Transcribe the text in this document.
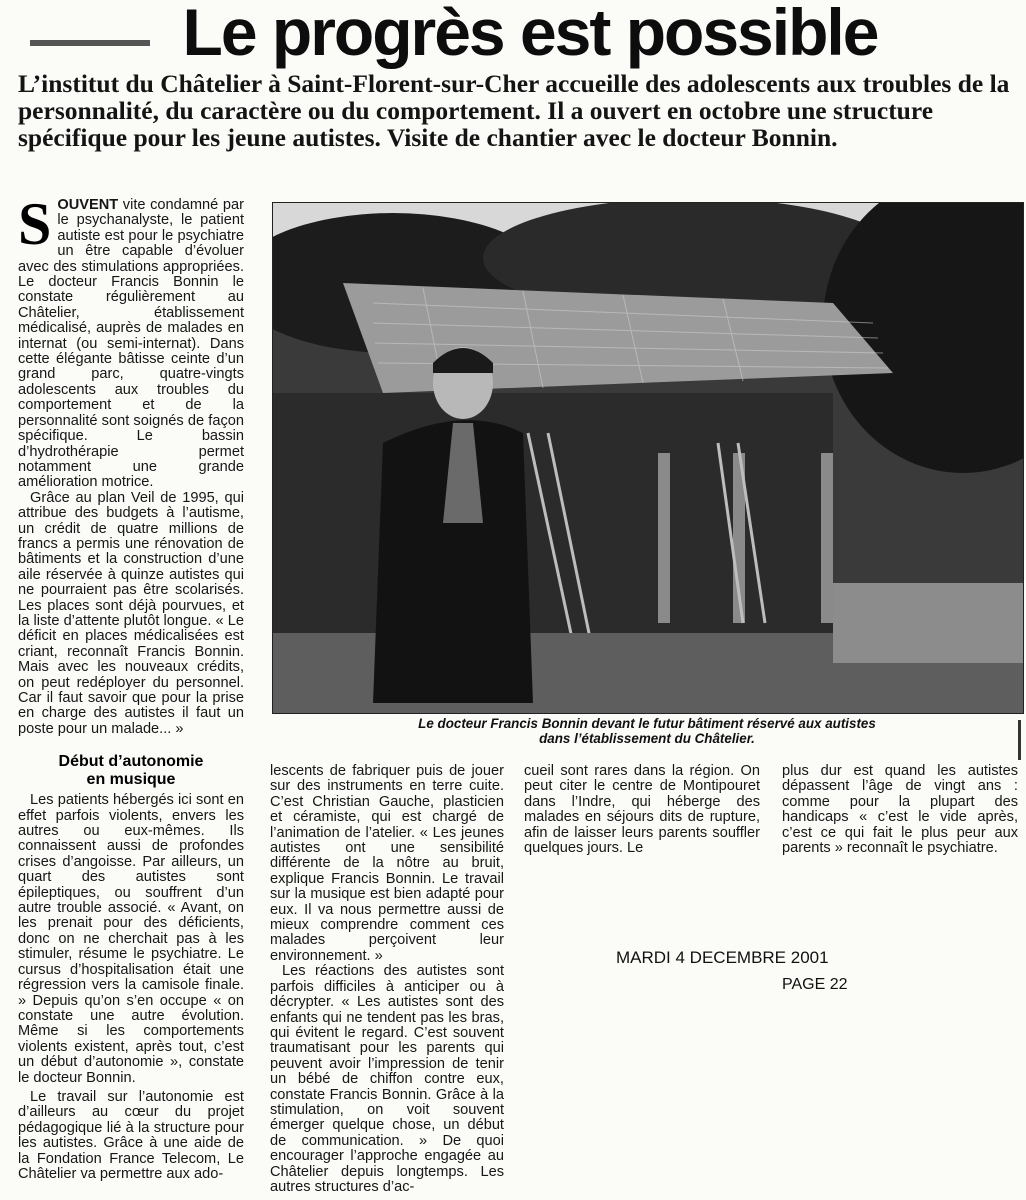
Le progrès est possible
L’institut du Châtelier à Saint-Florent-sur-Cher accueille des adolescents aux troubles de la personnalité, du caractère ou du comportement. Il a ouvert en octobre une structure spécifique pour les jeune autistes. Visite de chantier avec le docteur Bonnin.

SOUVENT vite condamné par le psychanalyste, le patient autiste est pour le psychiatre un être capable d’évoluer avec des stimulations appropriées. Le docteur Francis Bonnin le constate régulièrement au Châtelier, établissement médicalisé, auprès de malades en internat (ou semi-internat). Dans cette élégante bâtisse ceinte d’un grand parc, quatre-vingts adolescents aux troubles du comportement et de la personnalité sont soignés de façon spécifique. Le bassin d’hydrothérapie permet notamment une grande amélioration motrice.

Grâce au plan Veil de 1995, qui attribue des budgets à l’autisme, un crédit de quatre millions de francs a permis une rénovation de bâtiments et la construction d’une aile réservée à quinze autistes qui ne pourraient pas être scolarisés. Les places sont déjà pourvues, et la liste d’attente plutôt longue. « Le déficit en places médicalisées est criant, reconnaît Francis Bonnin. Mais avec les nouveaux crédits, on peut redéployer du personnel. Car il faut savoir que pour la prise en charge des autistes il faut un poste pour un malade... »

Début d’autonomie

en musique

Les patients hébergés ici sont en effet parfois violents, envers les autres ou eux-mêmes. Ils connaissent aussi de profondes crises d’angoisse. Par ailleurs, un quart des autistes sont épileptiques, ou souffrent d’un autre trouble associé. « Avant, on les prenait pour des déficients, donc on ne cherchait pas à les stimuler, résume le psychiatre. Le cursus d’hospitalisation était une régression vers la camisole finale. » Depuis qu’on s’en occupe « on constate une autre évolution. Même si les comportements violents existent, après tout, c’est un début d’autonomie », constate le docteur Bonnin.

Le travail sur l’autonomie est d’ailleurs au cœur du projet pédagogique lié à la structure pour les autistes. Grâce à une aide de la Fondation France Telecom, Le Châtelier va permettre aux ado-

Le docteur Francis Bonnin devant le futur bâtiment réservé aux autistes
dans l’établissement du Châtelier.

lescents de fabriquer puis de jouer sur des instruments en terre cuite. C’est Christian Gauche, plasticien et céramiste, qui est chargé de l’animation de l’atelier. « Les jeunes autistes ont une sensibilité différente de la nôtre au bruit, explique Francis Bonnin. Le travail sur la musique est bien adapté pour eux. Il va nous permettre aussi de mieux comprendre comment ces malades perçoivent leur environnement. »

Les réactions des autistes sont parfois difficiles à anticiper ou à décrypter. « Les autistes sont des enfants qui ne tendent pas les bras, qui évitent le regard. C’est souvent traumatisant pour les parents qui peuvent avoir l’impression de tenir un bébé de chiffon contre eux, constate Francis Bonnin. Grâce à la stimulation, on voit souvent émerger quelque chose, un début de communication. » De quoi encourager l’approche engagée au Châtelier depuis longtemps. Les autres structures d’ac-

cueil sont rares dans la région. On peut citer le centre de Montipouret dans l’Indre, qui héberge des malades en séjours dits de rupture, afin de laisser leurs parents souffler quelques jours. Le

plus dur est quand les autistes dépassent l’âge de vingt ans : comme pour la plupart des handicaps « c’est le vide après, c’est ce qui fait le plus peur aux parents » reconnaît le psychiatre.

MARDI 4 DECEMBRE 2001
PAGE 22
